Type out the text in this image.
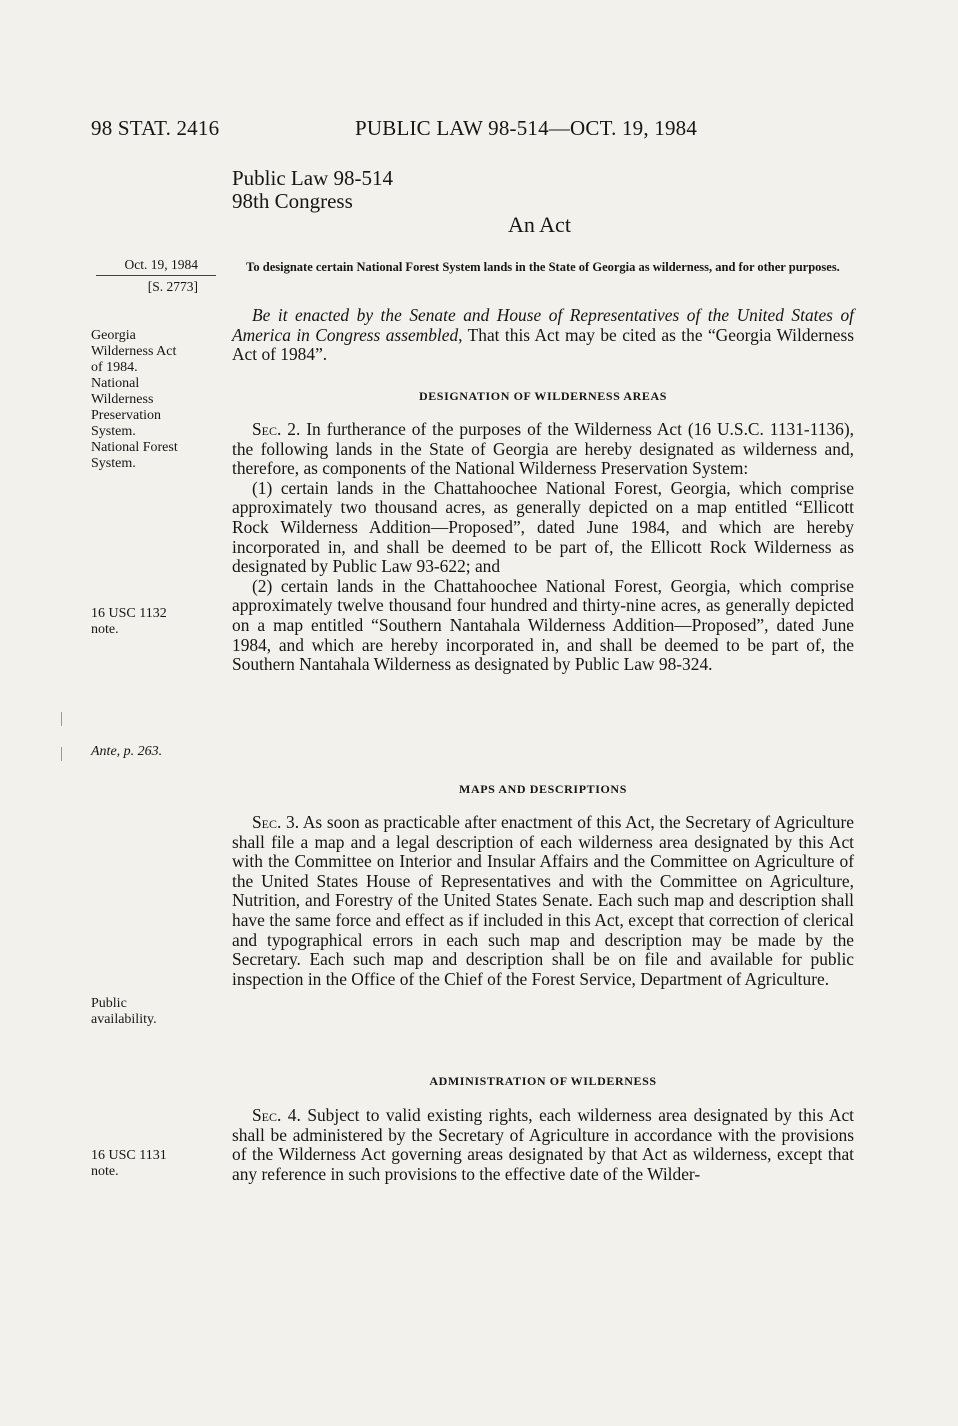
98 STAT. 2416	PUBLIC LAW 98-514—OCT. 19, 1984
Public Law 98-514
98th Congress
An Act
Oct. 19, 1984
[S. 2773]
To designate certain National Forest System lands in the State of Georgia as wilderness, and for other purposes.
Georgia
Wilderness Act
of 1984.
National
Wilderness
Preservation
System.
National Forest
System.
16 USC 1132
note.
Ante, p. 263.
Public
availability.
16 USC 1131
note.

Be it enacted by the Senate and House of Representatives of the United States of America in Congress assembled, That this Act may be cited as the “Georgia Wilderness Act of 1984”.

DESIGNATION OF WILDERNESS AREAS

Sec. 2. In furtherance of the purposes of the Wilderness Act (16 U.S.C. 1131-1136), the following lands in the State of Georgia are hereby designated as wilderness and, therefore, as components of the National Wilderness Preservation System:

(1) certain lands in the Chattahoochee National Forest, Georgia, which comprise approximately two thousand acres, as generally depicted on a map entitled “Ellicott Rock Wilderness Addition—Proposed”, dated June 1984, and which are hereby incorporated in, and shall be deemed to be part of, the Ellicott Rock Wilderness as designated by Public Law 93-622; and

(2) certain lands in the Chattahoochee National Forest, Georgia, which comprise approximately twelve thousand four hundred and thirty-nine acres, as generally depicted on a map entitled “Southern Nantahala Wilderness Addition—Proposed”, dated June 1984, and which are hereby incorporated in, and shall be deemed to be part of, the Southern Nantahala Wilderness as designated by Public Law 98-324.

MAPS AND DESCRIPTIONS

Sec. 3. As soon as practicable after enactment of this Act, the Secretary of Agriculture shall file a map and a legal description of each wilderness area designated by this Act with the Committee on Interior and Insular Affairs and the Committee on Agriculture of the United States House of Representatives and with the Committee on Agriculture, Nutrition, and Forestry of the United States Senate. Each such map and description shall have the same force and effect as if included in this Act, except that correction of clerical and typographical errors in each such map and description may be made by the Secretary. Each such map and description shall be on file and available for public inspection in the Office of the Chief of the Forest Service, Department of Agriculture.

ADMINISTRATION OF WILDERNESS

Sec. 4. Subject to valid existing rights, each wilderness area designated by this Act shall be administered by the Secretary of Agriculture in accordance with the provisions of the Wilderness Act governing areas designated by that Act as wilderness, except that any reference in such provisions to the effective date of the Wilder-
